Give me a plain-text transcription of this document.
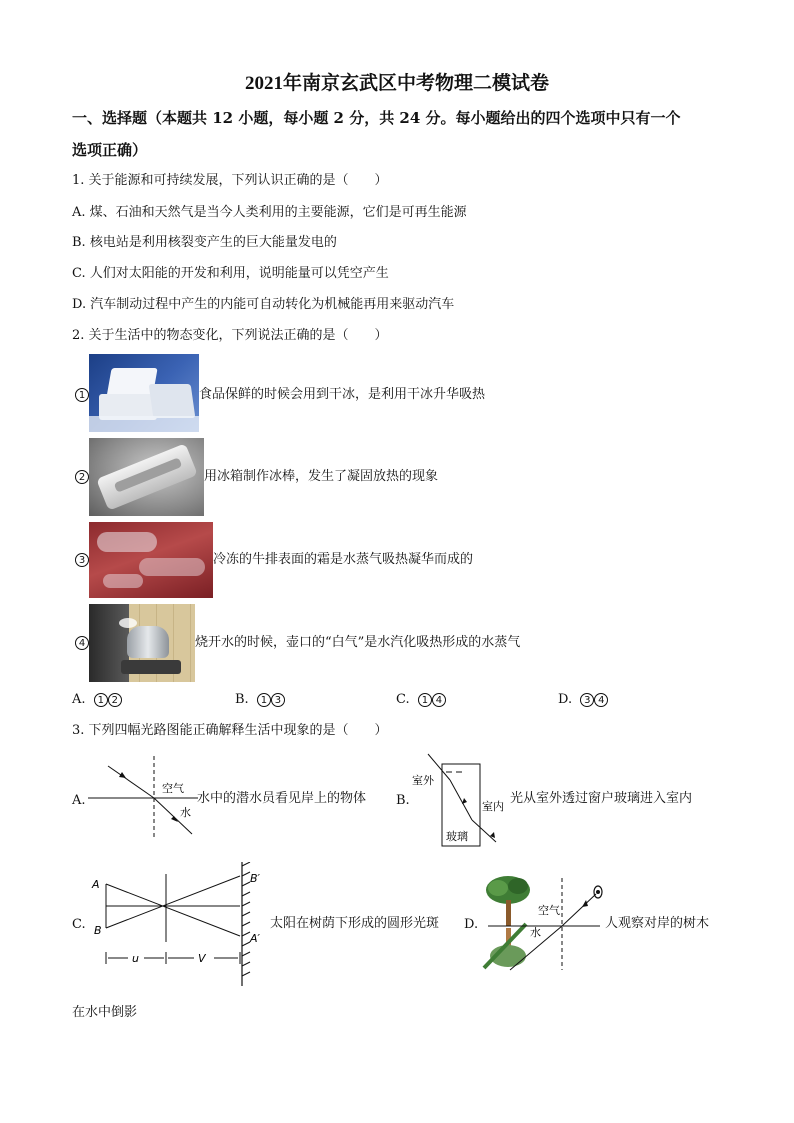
2021年南京玄武区中考物理二模试卷
一、选择题（本题共 12 小题，每小题 2 分，共 24 分。每小题给出的四个选项中只有一个
选项正确）
1. 关于能源和可持续发展，下列认识正确的是（　　）
A. 煤、石油和天然气是当今人类利用的主要能源，它们是可再生能源
B. 核电站是利用核裂变产生的巨大能量发电的
C. 人们对太阳能的开发和利用，说明能量可以凭空产生
D. 汽车制动过程中产生的内能可自动转化为机械能再用来驱动汽车
2. 关于生活中的物态变化，下列说法正确的是（　　）
1	食品保鲜的时候会用到干冰，是利用干冰升华吸热
2	用冰箱制作冰棒，发生了凝固放热的现象
3	冷冻的牛排表面的霜是水蒸气吸热凝华而成的
4	烧开水的时候，壶口的“白气”是水汽化吸热形成的水蒸气
A. 1 2	B. 1 3	C. 1 4	D. 3 4
3. 下列四幅光路图能正确解释生活中现象的是（　　）
A.
空气
水
水中的潜水员看见岸上的物体 B.
室外
室内
玻璃
光从室外透过窗户玻璃进入室内
C.
A
B
B′
A′
u	V
太阳在树荫下形成的圆形光斑 D.
空气
水
人观察对岸的树木
在水中倒影
